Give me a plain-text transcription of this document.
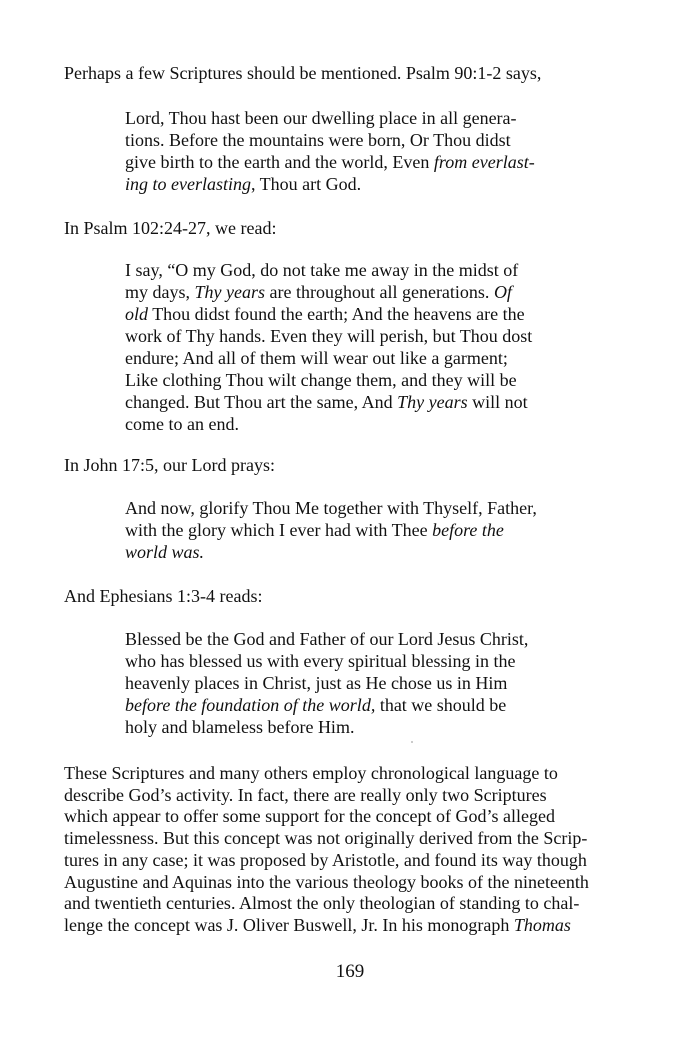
Perhaps a few Scriptures should be mentioned. Psalm 90:1-2 says,

Lord, Thou hast been our dwelling place in all genera-
tions. Before the mountains were born, Or Thou didst
give birth to the earth and the world, Even from everlast-
ing to everlasting, Thou art God.

In Psalm 102:24-27, we read:

I say, “O my God, do not take me away in the midst of
my days, Thy years are throughout all generations. Of
old Thou didst found the earth; And the heavens are the
work of Thy hands. Even they will perish, but Thou dost
endure; And all of them will wear out like a garment;
Like clothing Thou wilt change them, and they will be
changed. But Thou art the same, And Thy years will not
come to an end.

In John 17:5, our Lord prays:

And now, glorify Thou Me together with Thyself, Father,
with the glory which I ever had with Thee before the
world was.

And Ephesians 1:3-4 reads:

Blessed be the God and Father of our Lord Jesus Christ,
who has blessed us with every spiritual blessing in the
heavenly places in Christ, just as He chose us in Him
before the foundation of the world, that we should be
holy and blameless before Him.

These Scriptures and many others employ chronological language to
describe God’s activity. In fact, there are really only two Scriptures
which appear to offer some support for the concept of God’s alleged
timelessness. But this concept was not originally derived from the Scrip-
tures in any case; it was proposed by Aristotle, and found its way though
Augustine and Aquinas into the various theology books of the nineteenth
and twentieth centuries. Almost the only theologian of standing to chal-
lenge the concept was J. Oliver Buswell, Jr. In his monograph Thomas

169
